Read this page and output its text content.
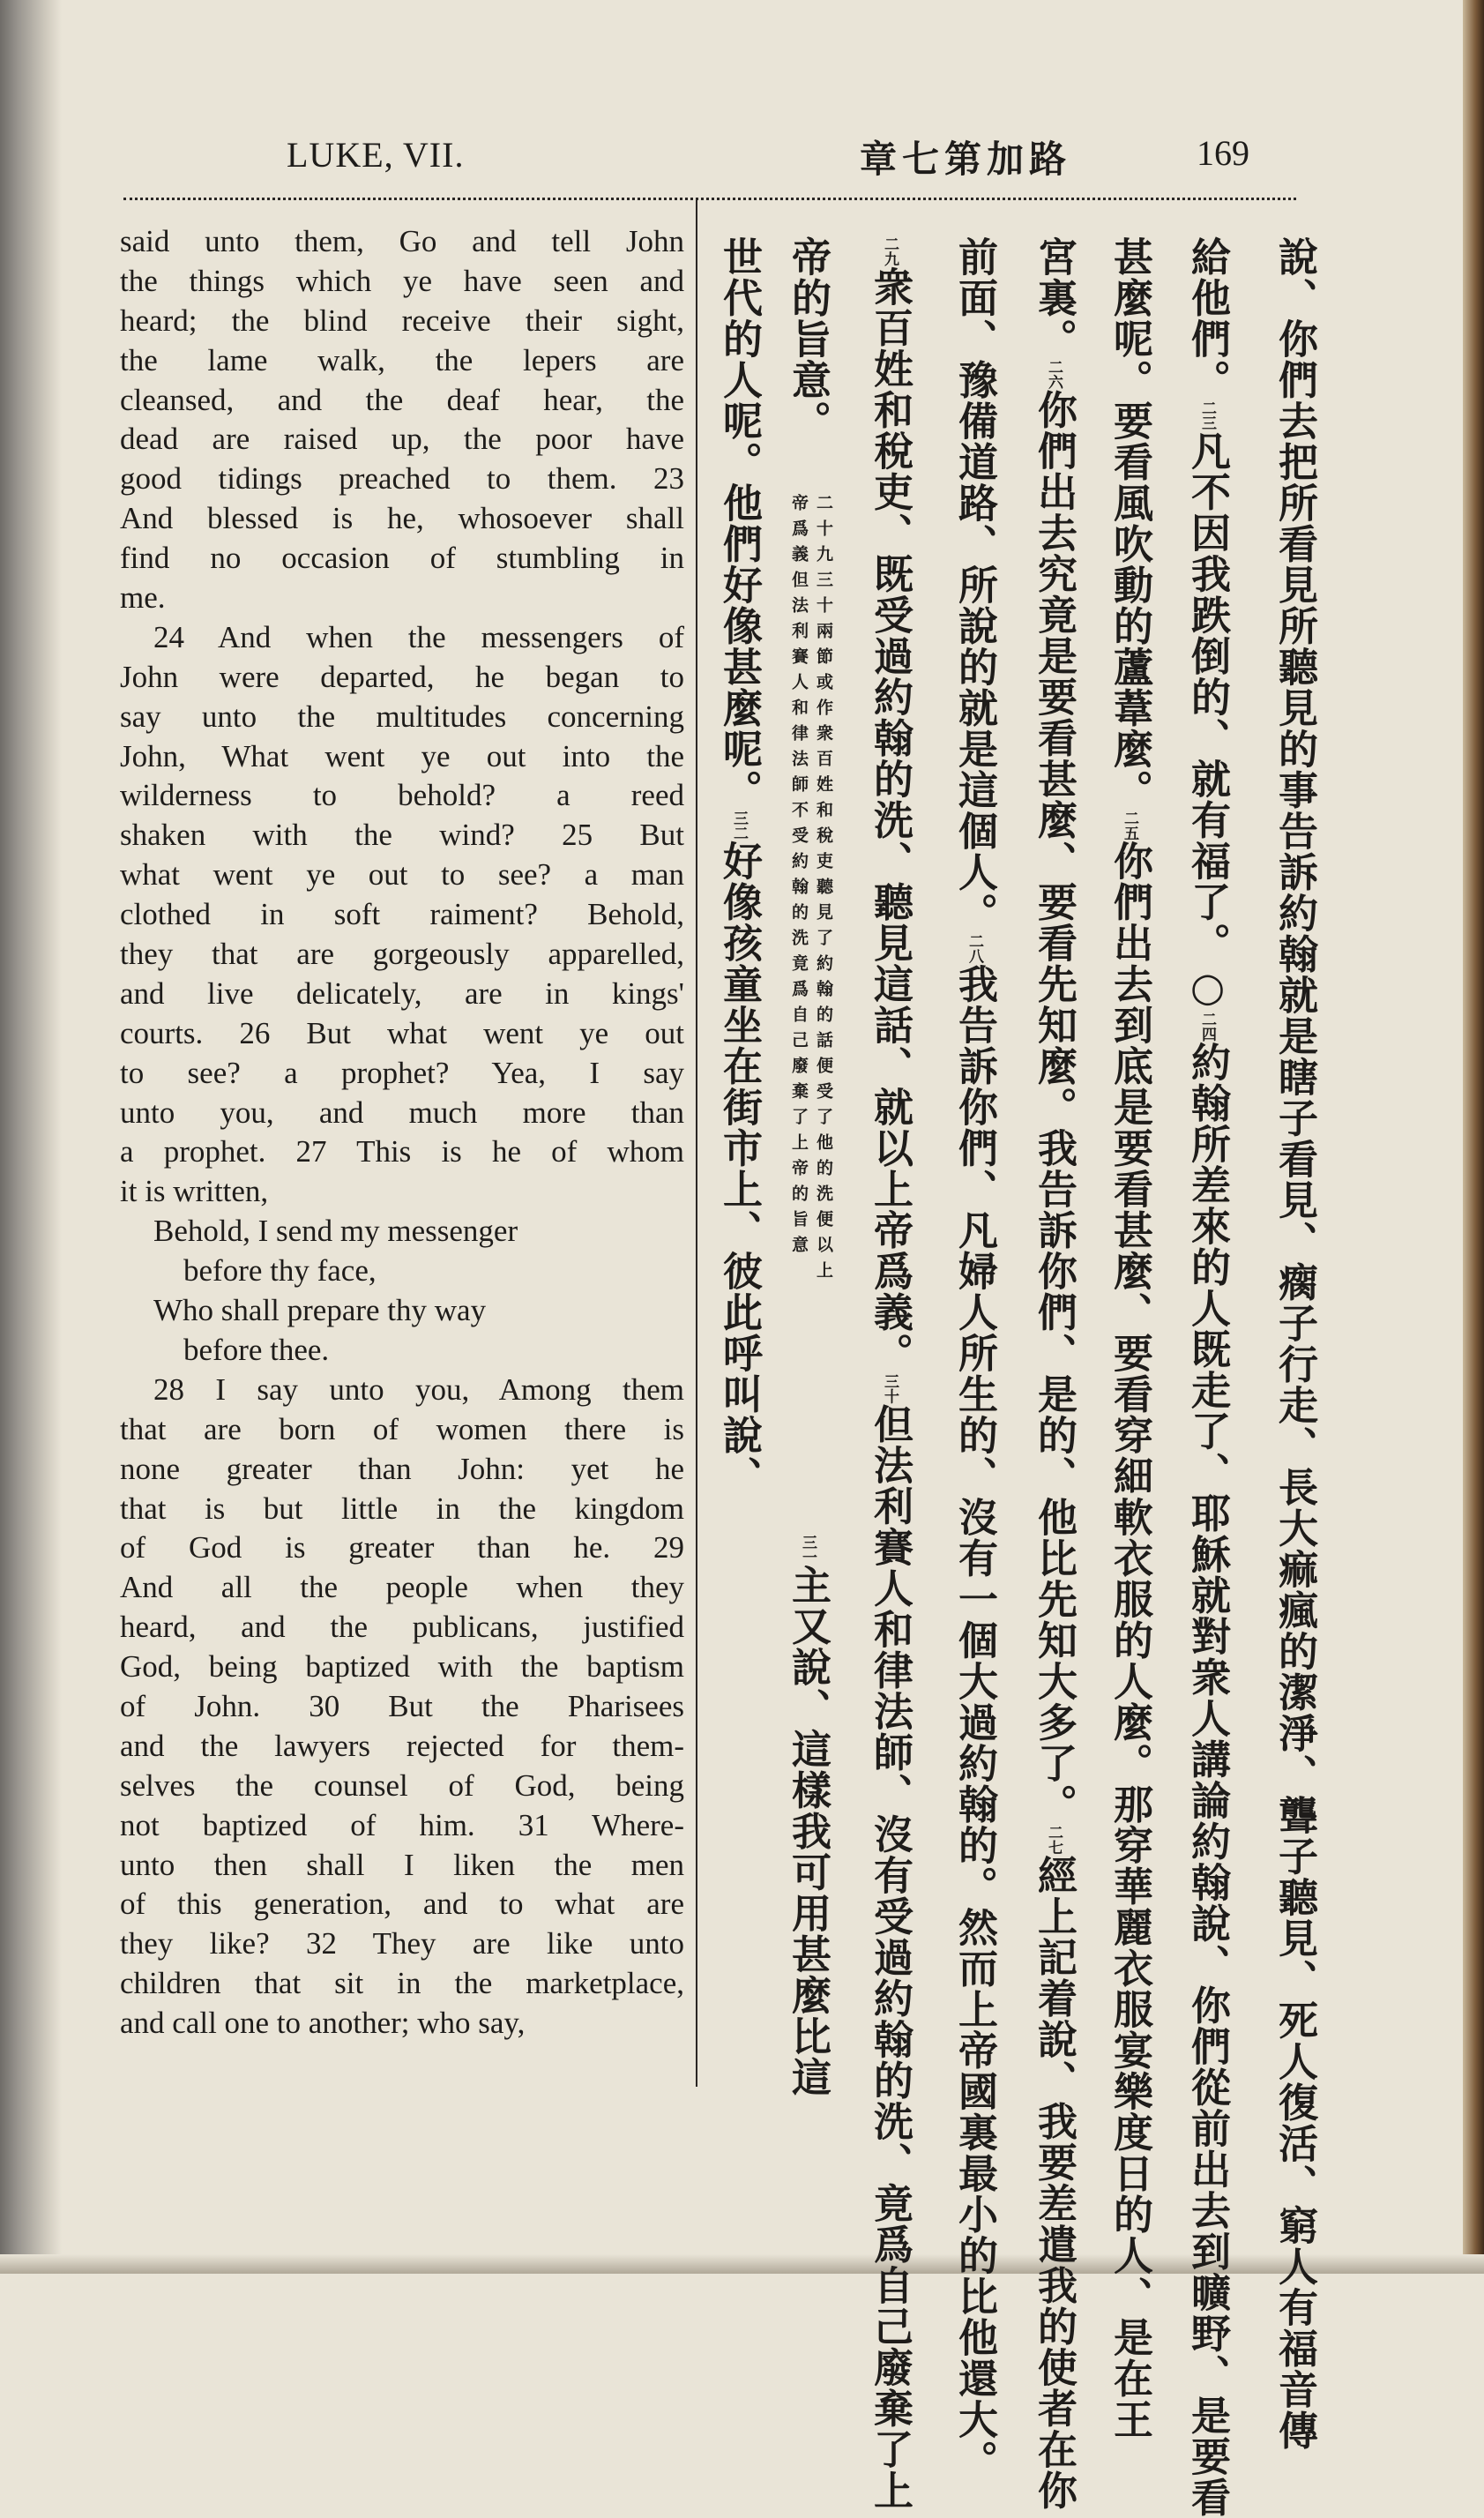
LUKE, VII.	章七第加路	169
said unto them, Go and tell John
the things which ye have seen and
heard; the blind receive their sight,
the lame walk, the lepers are
cleansed, and the deaf hear, the
dead are raised up, the poor have
good tidings preached to them. 23
And blessed is he, whosoever shall
find no occasion of stumbling in
me.
24 And when the messengers of
John were departed, he began to
say unto the multitudes concerning
John, What went ye out into the
wilderness to behold? a reed
shaken with the wind? 25 But
what went ye out to see? a man
clothed in soft raiment? Behold,
they that are gorgeously apparelled,
and live delicately, are in kings'
courts. 26 But what went ye out
to see? a prophet? Yea, I say
unto you, and much more than
a prophet. 27 This is he of whom
it is written,
Behold, I send my messenger
before thy face,
Who shall prepare thy way
before thee.
28 I say unto you, Among them
that are born of women there is
none greater than John: yet he
that is but little in the kingdom
of God is greater than he. 29
And all the people when they
heard, and the publicans, justified
God, being baptized with the baptism
of John. 30 But the Pharisees
and the lawyers rejected for them-
selves the counsel of God, being
not baptized of him. 31 Where-
unto then shall I liken the men
of this generation, and to what are
they like? 32 They are like unto
children that sit in the marketplace,
and call one to another; who say,	說、你們去把所看見所聽見的事告訴約翰就是瞎子看見、瘸子行走、長大痲瘋的潔淨、聾子聽見、死人復活、窮人有福音傳
給他們。二三凡不因我跌倒的、就有福了。○二四約翰所差來的人既走了、耶穌就對衆人講論約翰說、你們從前出去到曠野、是要看
甚麼呢。要看風吹動的蘆葦麼。二五你們出去到底是要看甚麼、要看穿細軟衣服的人麼。那穿華麗衣服宴樂度日的人、是在王
宮裏。二六你們出去究竟是要看甚麼、要看先知麼。我告訴你們、是的、他比先知大多了。二七經上記着說、我要差遣我的使者在你
前面、豫備道路、所說的就是這個人。二八我告訴你們、凡婦人所生的、沒有一個大過約翰的。然而上帝國裏最小的比他還大。
二九衆百姓和稅吏、既受過約翰的洗、聽見這話、就以上帝爲義。三十但法利賽人和律法師、沒有受過約翰的洗、竟爲自己廢棄了上
帝的旨意。　　　　　　　　　　　　　　　　　　　　　
三一主又說、這樣我可用甚麼比這
世代的人呢。他們好像甚麼呢。三二好像孩童坐在街市上、彼此呼叫說、	二十九三十兩節或作衆百姓和稅吏聽見了約翰的話便受了他的洗便以上
帝爲義但法利賽人和律法師不受約翰的洗竟爲自己廢棄了上帝的旨意
